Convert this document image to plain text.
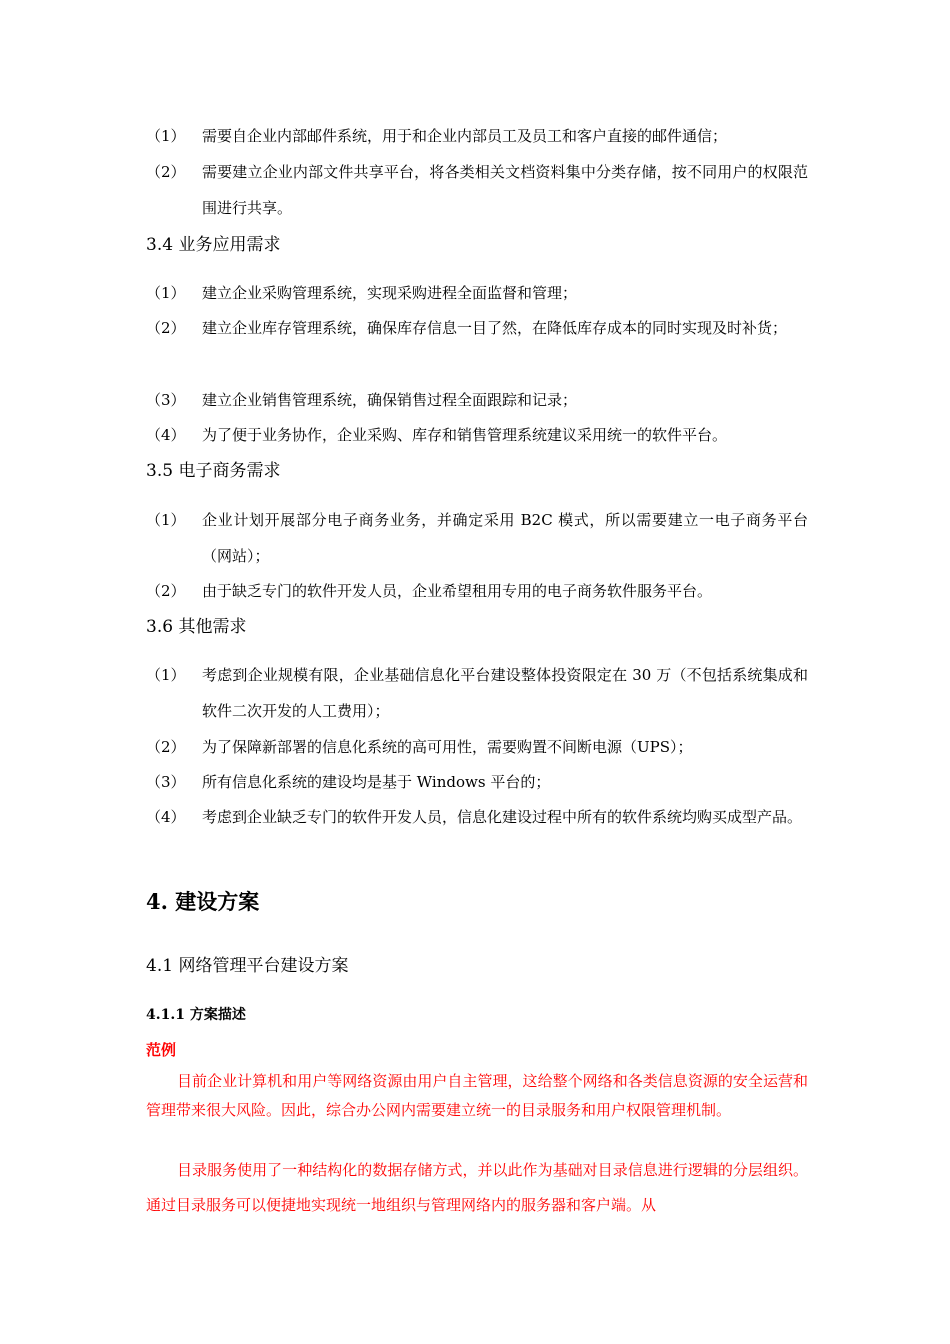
（1）	需要自企业内部邮件系统，用于和企业内部员工及员工和客户直接的邮件通信；
（2）	需要建立企业内部文件共享平台，将各类相关文档资料集中分类存储，按不同用户的权限范围进行共享。
3.4 业务应用需求
（1）	建立企业采购管理系统，实现采购进程全面监督和管理；
（2）	建立企业库存管理系统，确保库存信息一目了然，在降低库存成本的同时实现及时补货；
（3）	建立企业销售管理系统，确保销售过程全面跟踪和记录；
（4）	为了便于业务协作，企业采购、库存和销售管理系统建议采用统一的软件平台。
3.5 电子商务需求
（1）	企业计划开展部分电子商务业务，并确定采用 B2C 模式，所以需要建立一电子商务平台（网站）；
（2）	由于缺乏专门的软件开发人员，企业希望租用专用的电子商务软件服务平台。
3.6 其他需求
（1）	考虑到企业规模有限，企业基础信息化平台建设整体投资限定在 30 万（不包括系统集成和软件二次开发的人工费用）；
（2）	为了保障新部署的信息化系统的高可用性，需要购置不间断电源（UPS）；
（3）	所有信息化系统的建设均是基于 Windows 平台的；
（4）	考虑到企业缺乏专门的软件开发人员，信息化建设过程中所有的软件系统均购买成型产品。
4. 建设方案
4.1 网络管理平台建设方案
4.1.1 方案描述
范例
目前企业计算机和用户等网络资源由用户自主管理，这给整个网络和各类信息资源的安全运营和管理带来很大风险。因此，综合办公网内需要建立统一的目录服务和用户权限管理机制。
目录服务使用了一种结构化的数据存储方式，并以此作为基础对目录信息进行逻辑的分层组织。通过目录服务可以便捷地实现统一地组织与管理网络内的服务器和客户端。从
